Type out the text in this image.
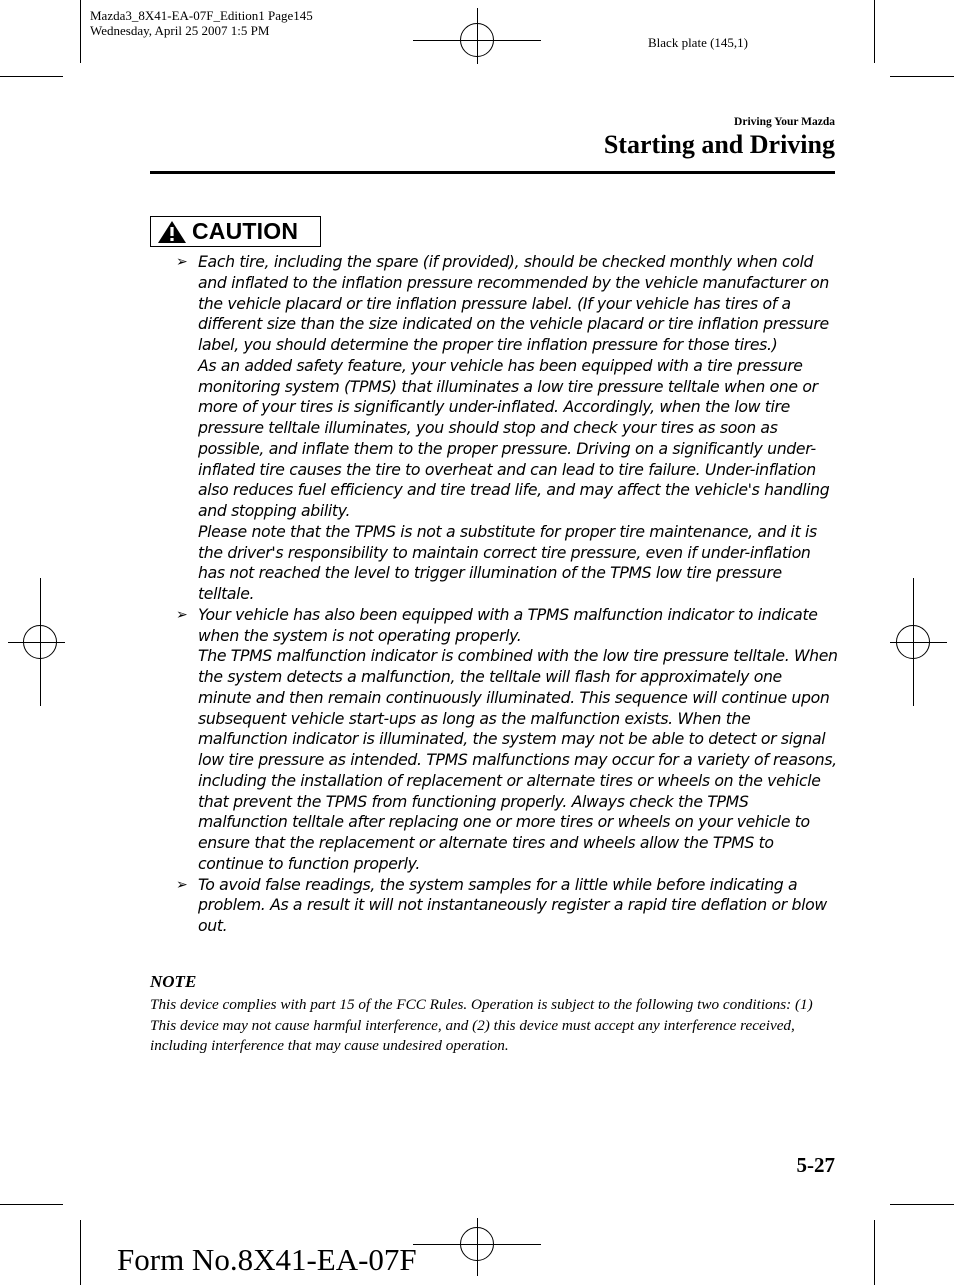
Mazda3_8X41-EA-07F_Edition1 Page145
Wednesday, April 25 2007 1:5 PM
Black plate (145,1)
Driving Your Mazda
Starting and Driving
CAUTION
➢ Each tire, including the spare (if provided), should be checked monthly when cold and inflated to the inflation pressure recommended by the vehicle manufacturer on the vehicle placard or tire inflation pressure label. (If your vehicle has tires of a different size than the size indicated on the vehicle placard or tire inflation pressure label, you should determine the proper tire inflation pressure for those tires.)

As an added safety feature, your vehicle has been equipped with a tire pressure monitoring system (TPMS) that illuminates a low tire pressure telltale when one or more of your tires is significantly under-inflated. Accordingly, when the low tire pressure telltale illuminates, you should stop and check your tires as soon as possible, and inflate them to the proper pressure. Driving on a significantly under-inflated tire causes the tire to overheat and can lead to tire failure. Under-inflation also reduces fuel efficiency and tire tread life, and may affect the vehicle's handling and stopping ability.

Please note that the TPMS is not a substitute for proper tire maintenance, and it is the driver's responsibility to maintain correct tire pressure, even if under-inflation has not reached the level to trigger illumination of the TPMS low tire pressure telltale.

➢ Your vehicle has also been equipped with a TPMS malfunction indicator to indicate when the system is not operating properly.

The TPMS malfunction indicator is combined with the low tire pressure telltale. When the system detects a malfunction, the telltale will flash for approximately one minute and then remain continuously illuminated. This sequence will continue upon subsequent vehicle start-ups as long as the malfunction exists. When the malfunction indicator is illuminated, the system may not be able to detect or signal low tire pressure as intended. TPMS malfunctions may occur for a variety of reasons, including the installation of replacement or alternate tires or wheels on the vehicle that prevent the TPMS from functioning properly. Always check the TPMS malfunction telltale after replacing one or more tires or wheels on your vehicle to ensure that the replacement or alternate tires and wheels allow the TPMS to continue to function properly.

➢ To avoid false readings, the system samples for a little while before indicating a problem. As a result it will not instantaneously register a rapid tire deflation or blow out.

NOTE
This device complies with part 15 of the FCC Rules. Operation is subject to the following two conditions: (1) This device may not cause harmful interference, and (2) this device must accept any interference received, including interference that may cause undesired operation.
5-27
Form No.8X41-EA-07F
